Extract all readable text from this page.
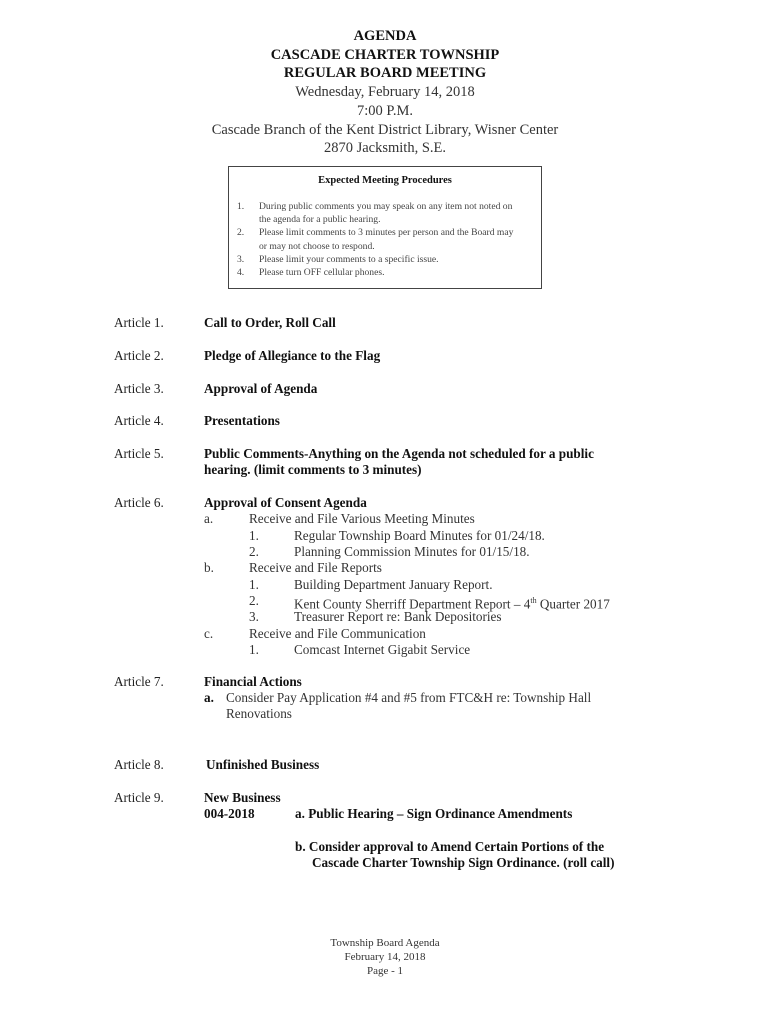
AGENDA
CASCADE CHARTER TOWNSHIP
REGULAR BOARD MEETING
Wednesday, February 14, 2018
7:00 P.M.
Cascade Branch of the Kent District Library, Wisner Center
2870 Jacksmith, S.E.
Expected Meeting Procedures
1. During public comments you may speak on any item not noted on the agenda for a public hearing.
2. Please limit comments to 3 minutes per person and the Board may or may not choose to respond.
3. Please limit your comments to a specific issue.
4. Please turn OFF cellular phones.
Article 1.	Call to Order, Roll Call
Article 2.	Pledge of Allegiance to the Flag
Article 3.	Approval of Agenda
Article 4.	Presentations
Article 5.	Public Comments-Anything on the Agenda not scheduled for a public hearing. (limit comments to 3 minutes)
Article 6.	Approval of Consent Agenda
a.	Receive and File Various Meeting Minutes
1.	Regular Township Board Minutes for 01/24/18.
2.	Planning Commission Minutes for 01/15/18.
b.	Receive and File Reports
1.	Building Department January Report.
2.	Kent County Sherriff Department Report – 4th Quarter 2017
3.	Treasurer Report re: Bank Depositories
c.	Receive and File Communication
1.	Comcast Internet Gigabit Service
Article 7.	Financial Actions
a. Consider Pay Application #4 and #5 from FTC&H re: Township Hall Renovations
Article 8.	Unfinished Business
Article 9.	New Business
004-2018	a. Public Hearing – Sign Ordinance Amendments
b. Consider approval to Amend Certain Portions of the
Cascade Charter Township Sign Ordinance. (roll call)
Township Board Agenda
February 14, 2018
Page - 1
